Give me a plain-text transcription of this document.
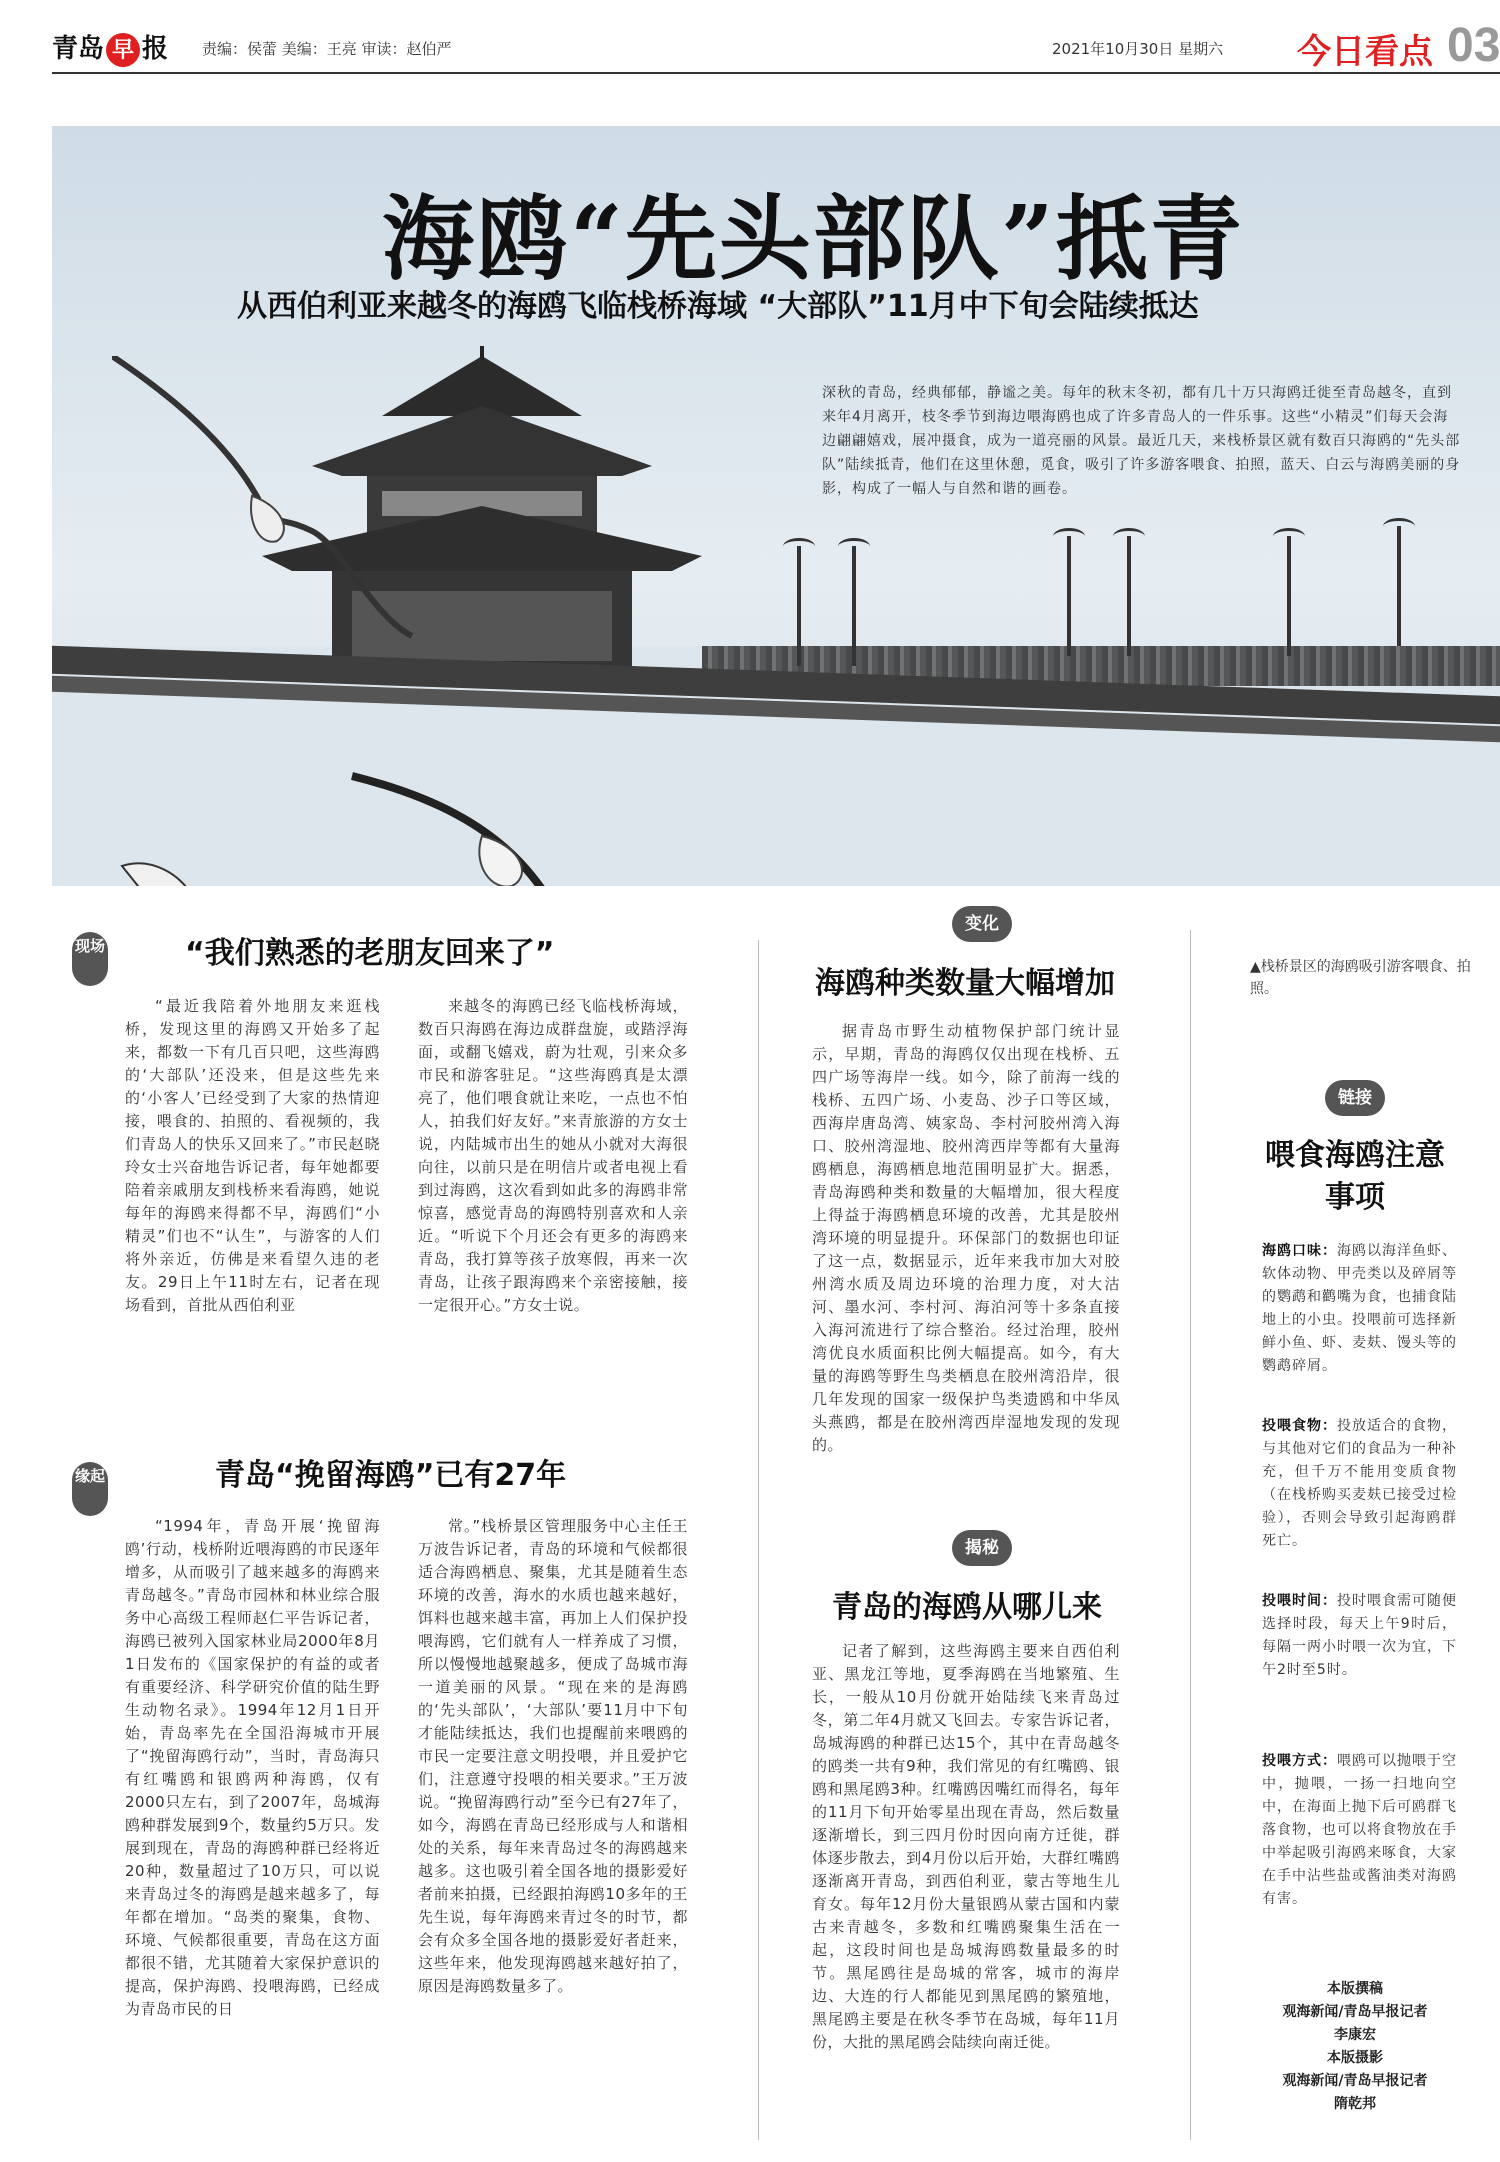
青岛 早 报 责编：侯蕾 美编：王亮 审读：赵伯严	2021年10月30日 星期六 今日看点 03
海鸥“先头部队”抵青
从西伯利亚来越冬的海鸥飞临栈桥海域 “大部队”11月中下旬会陆续抵达
深秋的青岛，经典郁郁，静谧之美。每年的秋末冬初，都有几十万只海鸥迁徙至青岛越冬，直到来年4月离开，枝冬季节到海边喂海鸥也成了许多青岛人的一件乐事。这些“小精灵”们每天会海边翩翩嬉戏，展冲摄食，成为一道亮丽的风景。最近几天，来栈桥景区就有数百只海鸥的“先头部队”陆续抵青，他们在这里休憩，觅食，吸引了许多游客喂食、拍照，蓝天、白云与海鸥美丽的身影，构成了一幅人与自然和谐的画卷。
现场	“我们熟悉的老朋友回来了”
“最近我陪着外地朋友来逛栈桥，发现这里的海鸥又开始多了起来，都数一下有几百只吧，这些海鸥的‘大部队’还没来，但是这些先来的‘小客人’已经受到了大家的热情迎接，喂食的、拍照的、看视频的，我们青岛人的快乐又回来了。”市民赵晓玲女士兴奋地告诉记者，每年她都要陪着亲戚朋友到栈桥来看海鸥，她说每年的海鸥来得都不早，海鸥们“小精灵”们也不“认生”，与游客的人们将外亲近，仿佛是来看望久违的老友。29日上午11时左右，记者在现场看到，首批从西伯利亚
来越冬的海鸥已经飞临栈桥海域，数百只海鸥在海边成群盘旋，或踏浮海面，或翻飞嬉戏，蔚为壮观，引来众多市民和游客驻足。“这些海鸥真是太漂亮了，他们喂食就让来吃，一点也不怕人，拍我们好友好。”来青旅游的方女士说，内陆城市出生的她从小就对大海很向往，以前只是在明信片或者电视上看到过海鸥，这次看到如此多的海鸥非常惊喜，感觉青岛的海鸥特别喜欢和人亲近。“听说下个月还会有更多的海鸥来青岛，我打算等孩子放寒假，再来一次青岛，让孩子跟海鸥来个亲密接触，接一定很开心。”方女士说。
缘起	青岛“挽留海鸥”已有27年
“1994年，青岛开展‘挽留海鸥’行动，栈桥附近喂海鸥的市民逐年增多，从而吸引了越来越多的海鸥来青岛越冬。”青岛市园林和林业综合服务中心高级工程师赵仁平告诉记者，海鸥已被列入国家林业局2000年8月1日发布的《国家保护的有益的或者有重要经济、科学研究价值的陆生野生动物名录》。1994年12月1日开始，青岛率先在全国沿海城市开展了“挽留海鸥行动”，当时，青岛海只有红嘴鸥和银鸥两种海鸥，仅有2000只左右，到了2007年，岛城海鸥种群发展到9个，数量约5万只。发展到现在，青岛的海鸥种群已经将近20种，数量超过了10万只，可以说来青岛过冬的海鸥是越来越多了，每年都在增加。“岛类的聚集，食物、环境、气候都很重要，青岛在这方面都很不错，尤其随着大家保护意识的提高，保护海鸥、投喂海鸥，已经成为青岛市民的日
常。”栈桥景区管理服务中心主任王万波告诉记者，青岛的环境和气候都很适合海鸥栖息、聚集，尤其是随着生态环境的改善，海水的水质也越来越好，饵料也越来越丰富，再加上人们保护投喂海鸥，它们就有人一样养成了习惯，所以慢慢地越聚越多，便成了岛城市海一道美丽的风景。“现在来的是海鸥的‘先头部队’，‘大部队’要11月中下旬才能陆续抵达，我们也提醒前来喂鸥的市民一定要注意文明投喂，并且爱护它们，注意遵守投喂的相关要求。”王万波说。“挽留海鸥行动”至今已有27年了，如今，海鸥在青岛已经形成与人和谐相处的关系，每年来青岛过冬的海鸥越来越多。这也吸引着全国各地的摄影爱好者前来拍摄，已经跟拍海鸥10多年的王先生说，每年海鸥来青过冬的时节，都会有众多全国各地的摄影爱好者赶来，这些年来，他发现海鸥越来越好拍了，原因是海鸥数量多了。
变化
海鸥种类数量大幅增加
据青岛市野生动植物保护部门统计显示，早期，青岛的海鸥仅仅出现在栈桥、五四广场等海岸一线。如今，除了前海一线的栈桥、五四广场、小麦岛、沙子口等区域，西海岸唐岛湾、姨家岛、李村河胶州湾入海口、胶州湾湿地、胶州湾西岸等都有大量海鸥栖息，海鸥栖息地范围明显扩大。据悉，青岛海鸥种类和数量的大幅增加，很大程度上得益于海鸥栖息环境的改善，尤其是胶州湾环境的明显提升。环保部门的数据也印证了这一点，数据显示，近年来我市加大对胶州湾水质及周边环境的治理力度，对大沽河、墨水河、李村河、海泊河等十多条直接入海河流进行了综合整治。经过治理，胶州湾优良水质面积比例大幅提高。如今，有大量的海鸥等野生鸟类栖息在胶州湾沿岸，很几年发现的国家一级保护鸟类遗鸥和中华凤头燕鸥，都是在胶州湾西岸湿地发现的发现的。
揭秘
青岛的海鸥从哪儿来
记者了解到，这些海鸥主要来自西伯利亚、黑龙江等地，夏季海鸥在当地繁殖、生长，一般从10月份就开始陆续飞来青岛过冬，第二年4月就又飞回去。专家告诉记者，岛城海鸥的种群已达15个，其中在青岛越冬的鸥类一共有9种，我们常见的有红嘴鸥、银鸥和黑尾鸥3种。红嘴鸥因嘴红而得名，每年的11月下旬开始零星出现在青岛，然后数量逐渐增长，到三四月份时因向南方迁徙，群体逐步散去，到4月份以后开始，大群红嘴鸥逐渐离开青岛，到西伯利亚，蒙古等地生儿育女。每年12月份大量银鸥从蒙古国和内蒙古来青越冬，多数和红嘴鸥聚集生活在一起，这段时间也是岛城海鸥数量最多的时节。黑尾鸥往是岛城的常客，城市的海岸边、大连的行人都能见到黑尾鸥的繁殖地，黑尾鸥主要是在秋冬季节在岛城，每年11月份，大批的黑尾鸥会陆续向南迁徙。
▲栈桥景区的海鸥吸引游客喂食、拍照。
链接
喂食海鸥注意事项
海鸥口味：海鸥以海洋鱼虾、软体动物、甲壳类以及碎屑等的鹦鹉和鹳嘴为食，也捕食陆地上的小虫。投喂前可选择新鲜小鱼、虾、麦麸、馒头等的鹦鹉碎屑。
投喂食物：投放适合的食物，与其他对它们的食品为一种补充，但千万不能用变质食物（在栈桥购买麦麸已接受过检验），否则会导致引起海鸥群死亡。
投喂时间：投时喂食需可随便选择时段，每天上午9时后，每隔一两小时喂一次为宜，下午2时至5时。
投喂方式：喂鸥可以抛喂于空中，抛喂，一扬一扫地向空中，在海面上抛下后可鸥群飞落食物，也可以将食物放在手中举起吸引海鸥来啄食，大家在手中沾些盐或酱油类对海鸥有害。
本版撰稿
观海新闻/青岛早报记者
李康宏
本版摄影
观海新闻/青岛早报记者
隋乾邦
